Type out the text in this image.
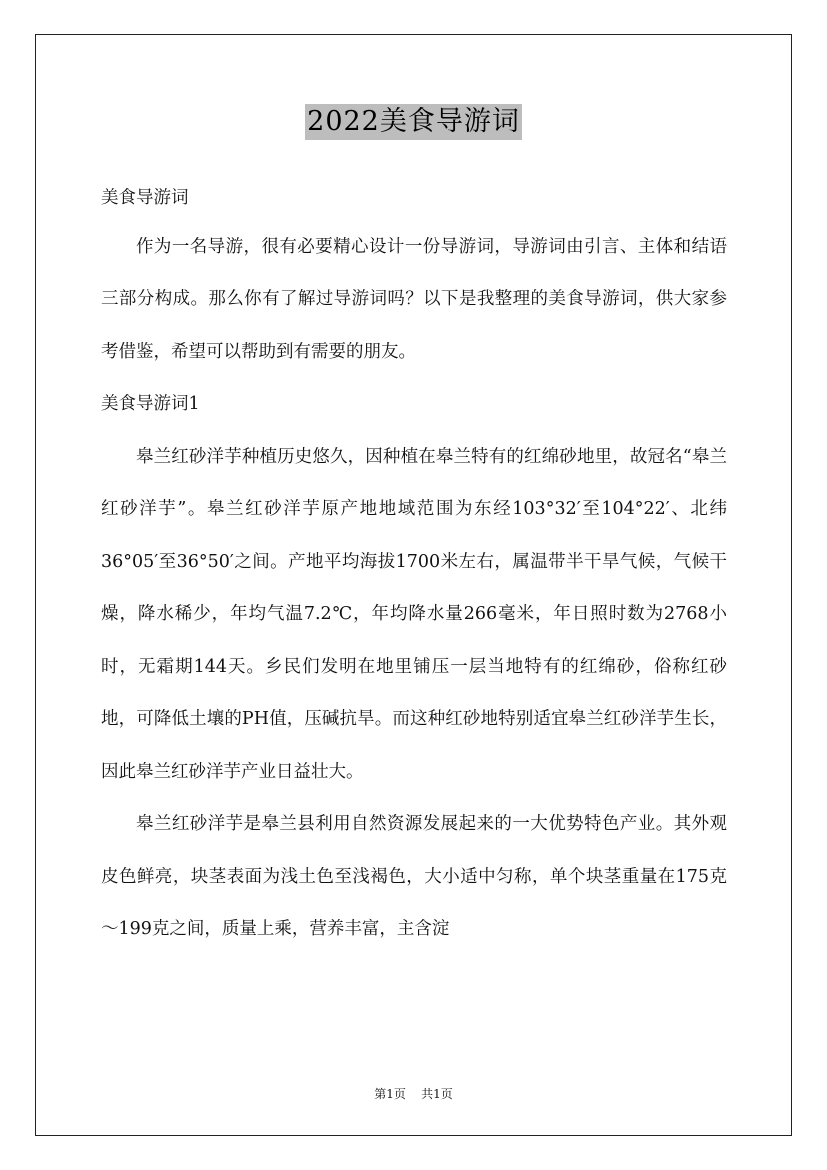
2022美食导游词

美食导游词

作为一名导游，很有必要精心设计一份导游词，导游词由引言、主体和结语三部分构成。那么你有了解过导游词吗？以下是我整理的美食导游词，供大家参考借鉴，希望可以帮助到有需要的朋友。

美食导游词1

皋兰红砂洋芋种植历史悠久，因种植在皋兰特有的红绵砂地里，故冠名“皋兰红砂洋芋”。皋兰红砂洋芋原产地地域范围为东经103°32′至104°22′、北纬36°05′至36°50′之间。产地平均海拔1700米左右，属温带半干旱气候，气候干燥，降水稀少，年均气温7.2℃，年均降水量266毫米，年日照时数为2768小时，无霜期144天。乡民们发明在地里铺压一层当地特有的红绵砂，俗称红砂地，可降低土壤的PH值，压碱抗旱。而这种红砂地特别适宜皋兰红砂洋芋生长，因此皋兰红砂洋芋产业日益壮大。

皋兰红砂洋芋是皋兰县利用自然资源发展起来的一大优势特色产业。其外观皮色鲜亮，块茎表面为浅土色至浅褐色，大小适中匀称，单个块茎重量在175克～199克之间，质量上乘，营养丰富，主含淀

第1页 共1页
